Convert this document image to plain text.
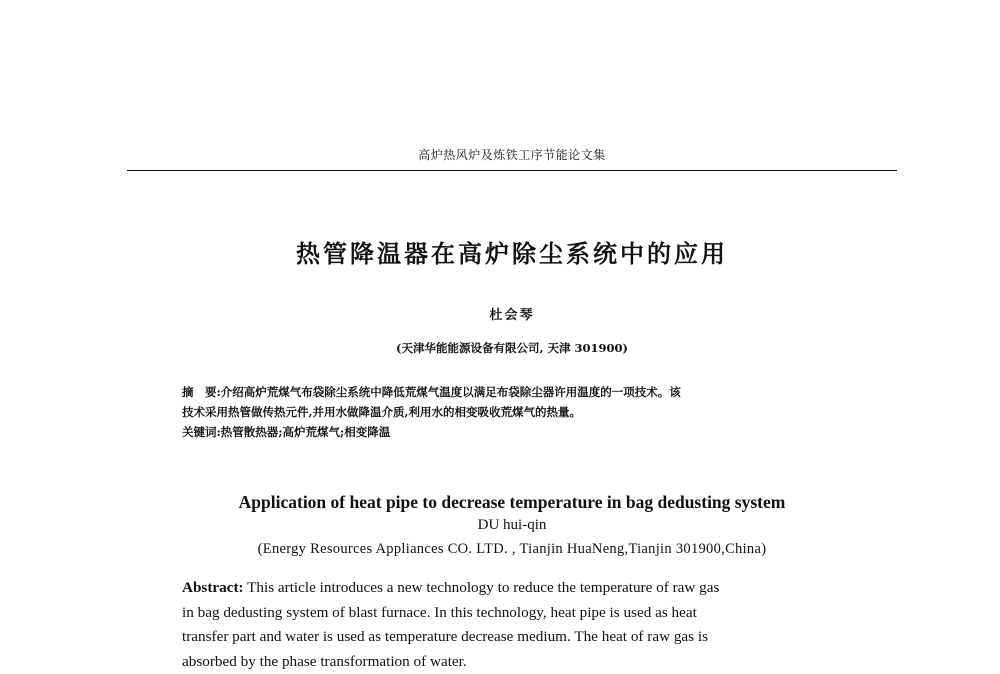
高炉热风炉及炼铁工序节能论文集
热管降温器在高炉除尘系统中的应用
杜会琴
(天津华能能源设备有限公司, 天津 301900)
摘　要:介绍高炉荒煤气布袋除尘系统中降低荒煤气温度以满足布袋除尘器许用温度的一项技术。该
技术采用热管做传热元件,并用水做降温介质,利用水的相变吸收荒煤气的热量。
关键词:热管散热器;高炉荒煤气;相变降温
Application of heat pipe to decrease temperature in bag dedusting system
DU hui-qin
(Energy Resources Appliances CO. LTD. , Tianjin HuaNeng,Tianjin 301900,China)
Abstract: This article introduces a new technology to reduce the temperature of raw gas
in bag dedusting system of blast furnace. In this technology, heat pipe is used as heat
transfer part and water is used as temperature decrease medium. The heat of raw gas is
absorbed by the phase transformation of water.
